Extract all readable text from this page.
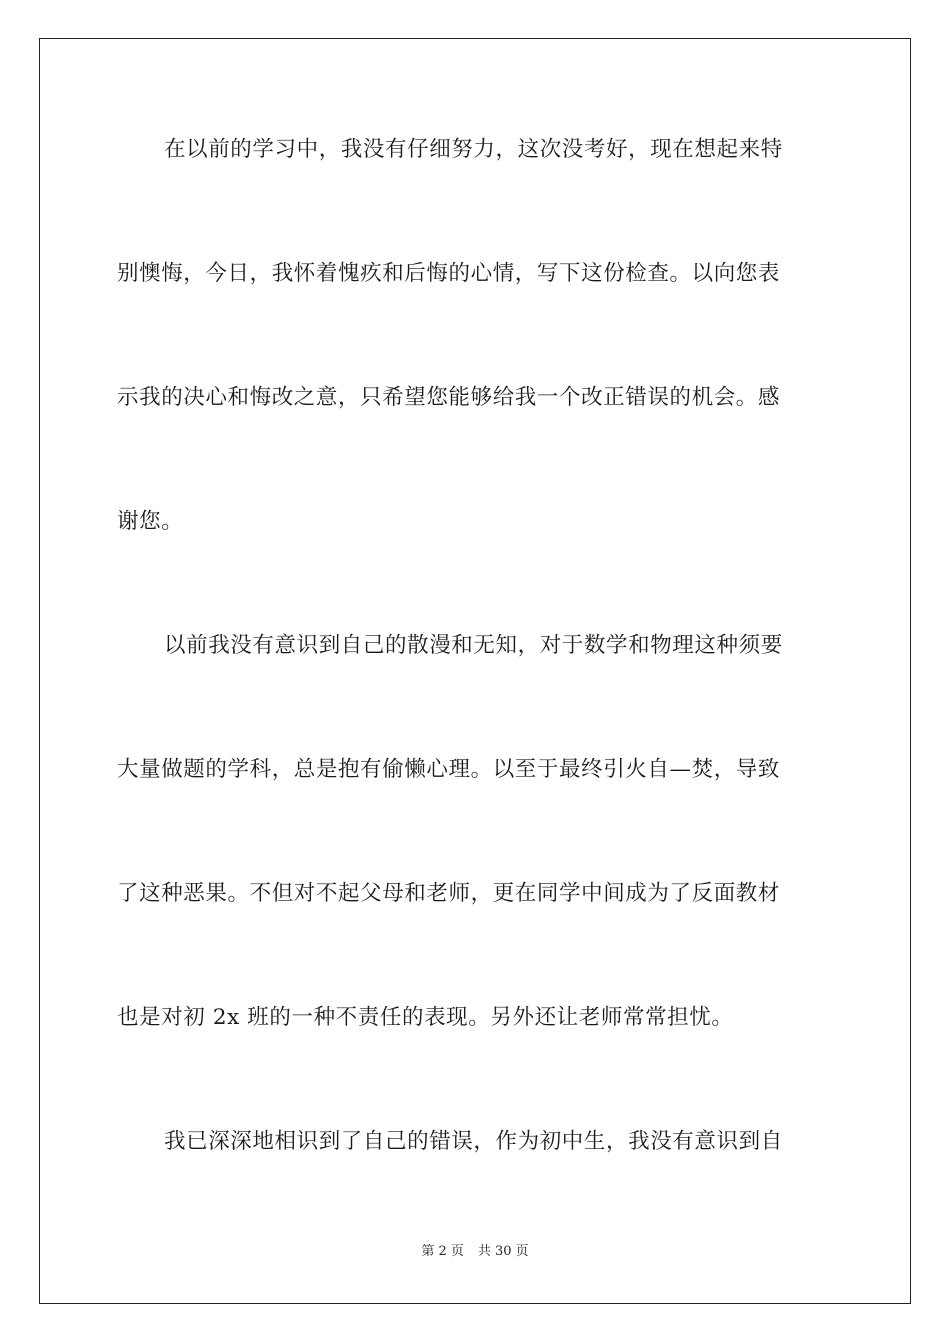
在以前的学习中，我没有仔细努力，这次没考好，现在想起来特
别懊悔，今日，我怀着愧疚和后悔的心情，写下这份检查。以向您表
示我的决心和悔改之意，只希望您能够给我一个改正错误的机会。感
谢您。
以前我没有意识到自己的散漫和无知，对于数学和物理这种须要
大量做题的学科，总是抱有偷懒心理。以至于最终引火自—焚，导致
了这种恶果。不但对不起父母和老师，更在同学中间成为了反面教材
也是对初 2x 班的一种不责任的表现。另外还让老师常常担忧。
我已深深地相识到了自己的错误，作为初中生，我没有意识到自
第 2 页 共 30 页
